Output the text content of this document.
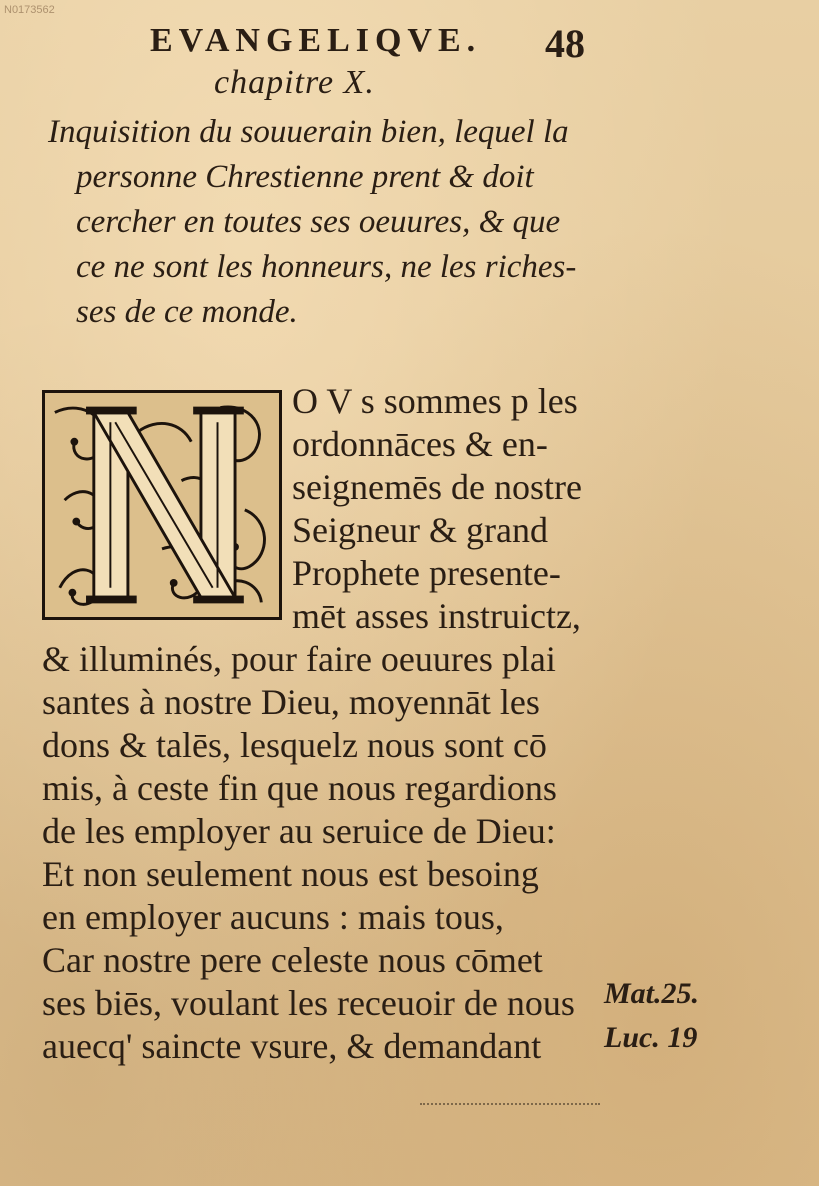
N0173562
EVANGELIQVE. 48
chapitre X.
Inquisition du souuerain bien, lequel la
personne Chrestienne prent & doit
cercher en toutes ses oeuures, & que
ce ne sont les honneurs, ne les riches-
ses de ce monde.
O V s sommes p les
ordonnāces & en-
seignemēs de nostre
Seigneur & grand
Prophete presente-
mēt asses instruictz,
& illuminés, pour faire oeuures plai
santes à nostre Dieu, moyennāt les
dons & talēs, lesquelz nous sont cō
mis, à ceste fin que nous regardions
de les employer au seruice de Dieu:
Et non seulement nous est besoing
en employer aucuns : mais tous,
Car nostre pere celeste nous cōmet
ses biēs, voulant les receuoir de nous
auecq' saincte vsure, & demandant
Mat.25.
Luc. 19
